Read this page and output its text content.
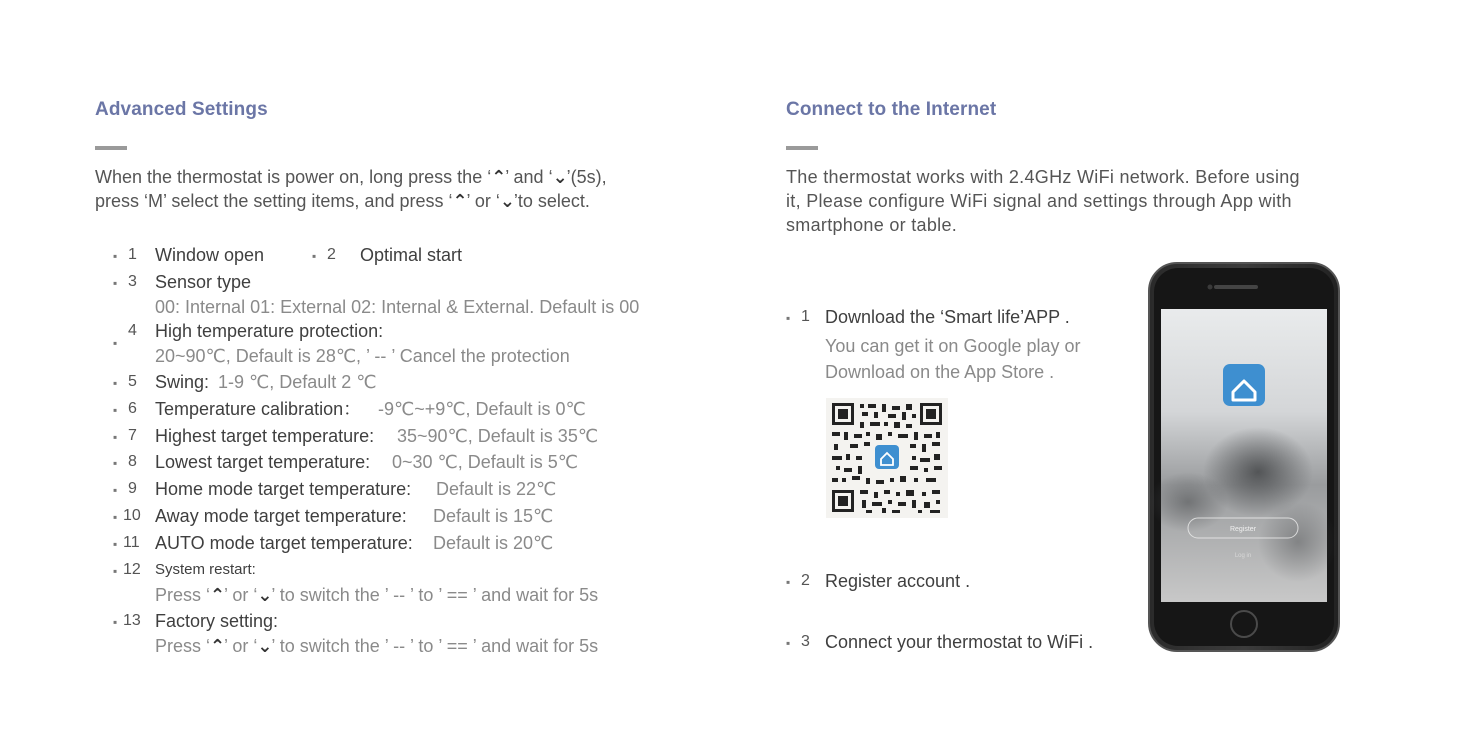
Advanced Settings
When the thermostat is power on, long press the ‘⌃’ and ‘⌄’(5s),
press ‘M’ select the setting items, and press ‘⌃’ or ‘⌄’to select.
▪ 1 Window open	▪ 2 Optimal start
▪ 3 Sensor type
00: Internal 01: External 02: Internal & External. Default is 00
▪
4 High temperature protection:
20~90℃, Default is 28℃, ’ -- ’ Cancel the protection
▪ 5 Swing: 1-9 ℃, Default 2 ℃
▪ 6 Temperature calibration： -9℃~+9℃, Default is 0℃
▪ 7 Highest target temperature: 35~90℃, Default is 35℃
▪ 8 Lowest target temperature: 0~30 ℃, Default is 5℃
▪ 9 Home mode target temperature: Default is 22℃
▪ 10 Away mode target temperature: Default is 15℃
▪ 11 AUTO mode target temperature: Default is 20℃
▪ 12 System restart:
Press ‘⌃’ or ‘⌄’ to switch the ’ -- ’ to ’ == ’ and wait for 5s
▪ 13 Factory setting:
Press ‘⌃’ or ‘⌄’ to switch the ’ -- ’ to ’ == ’ and wait for 5s
Connect to the Internet
The thermostat works with 2.4GHz WiFi network. Before using
it, Please configure WiFi signal and settings through App with
smartphone or table.
▪ 1 Download the ‘Smart life’APP .
You can get it on Google play or
Download on the App Store .
▪ 2 Register account .
▪ 3 Connect your thermostat to WiFi .
Register
Log in
